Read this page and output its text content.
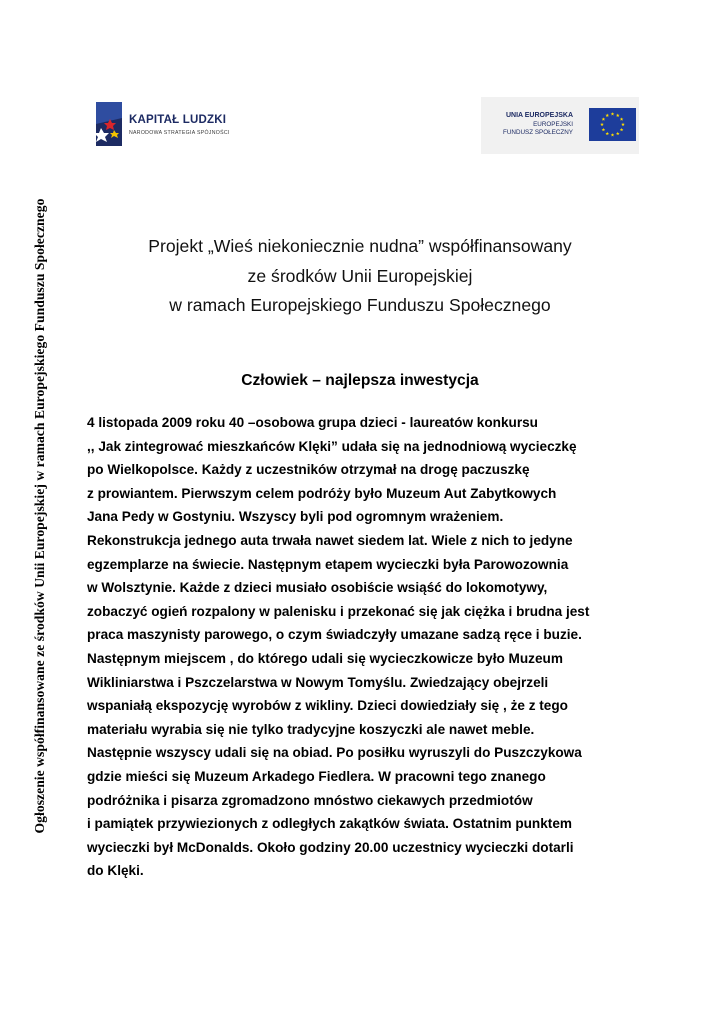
Ogłoszenie współfinansowane ze środków Unii Europejskiej w ramach Europejskiego Funduszu Społecznego
KAPITAŁ LUDZKI
NARODOWA STRATEGIA SPÓJNOŚCI
UNIA EUROPEJSKA
EUROPEJSKI
FUNDUSZ SPOŁECZNY
Projekt „Wieś niekoniecznie nudna” współfinansowany
ze środków Unii Europejskiej
w ramach Europejskiego Funduszu Społecznego
Człowiek – najlepsza inwestycja
4 listopada 2009 roku 40 –osobowa grupa dzieci - laureatów konkursu
,, Jak zintegrować mieszkańców Klęki” udała się na jednodniową wycieczkę
po Wielkopolsce. Każdy z uczestników otrzymał na drogę paczuszkę
z prowiantem. Pierwszym celem podróży było Muzeum Aut Zabytkowych
Jana Pedy w Gostyniu. Wszyscy byli pod ogromnym wrażeniem.
Rekonstrukcja jednego auta trwała nawet siedem lat. Wiele z nich to jedyne
egzemplarze na świecie. Następnym etapem wycieczki była Parowozownia
w Wolsztynie. Każde z dzieci musiało osobiście wsiąść do lokomotywy,
zobaczyć ogień rozpalony w palenisku i przekonać się jak ciężka i brudna jest
praca maszynisty parowego, o czym świadczyły umazane sadzą ręce i buzie.
Następnym miejscem , do którego udali się wycieczkowicze było Muzeum
Wikliniarstwa i Pszczelarstwa w Nowym Tomyślu. Zwiedzający obejrzeli
wspaniałą ekspozycję wyrobów z wikliny. Dzieci dowiedziały się , że z tego
materiału wyrabia się nie tylko tradycyjne koszyczki ale nawet meble.
Następnie wszyscy udali się na obiad. Po posiłku wyruszyli do Puszczykowa
gdzie mieści się Muzeum Arkadego Fiedlera. W pracowni tego znanego
podróżnika i pisarza zgromadzono mnóstwo ciekawych przedmiotów
i pamiątek przywiezionych z odległych zakątków świata. Ostatnim punktem
wycieczki był McDonalds. Około godziny 20.00 uczestnicy wycieczki dotarli
do Klęki.
